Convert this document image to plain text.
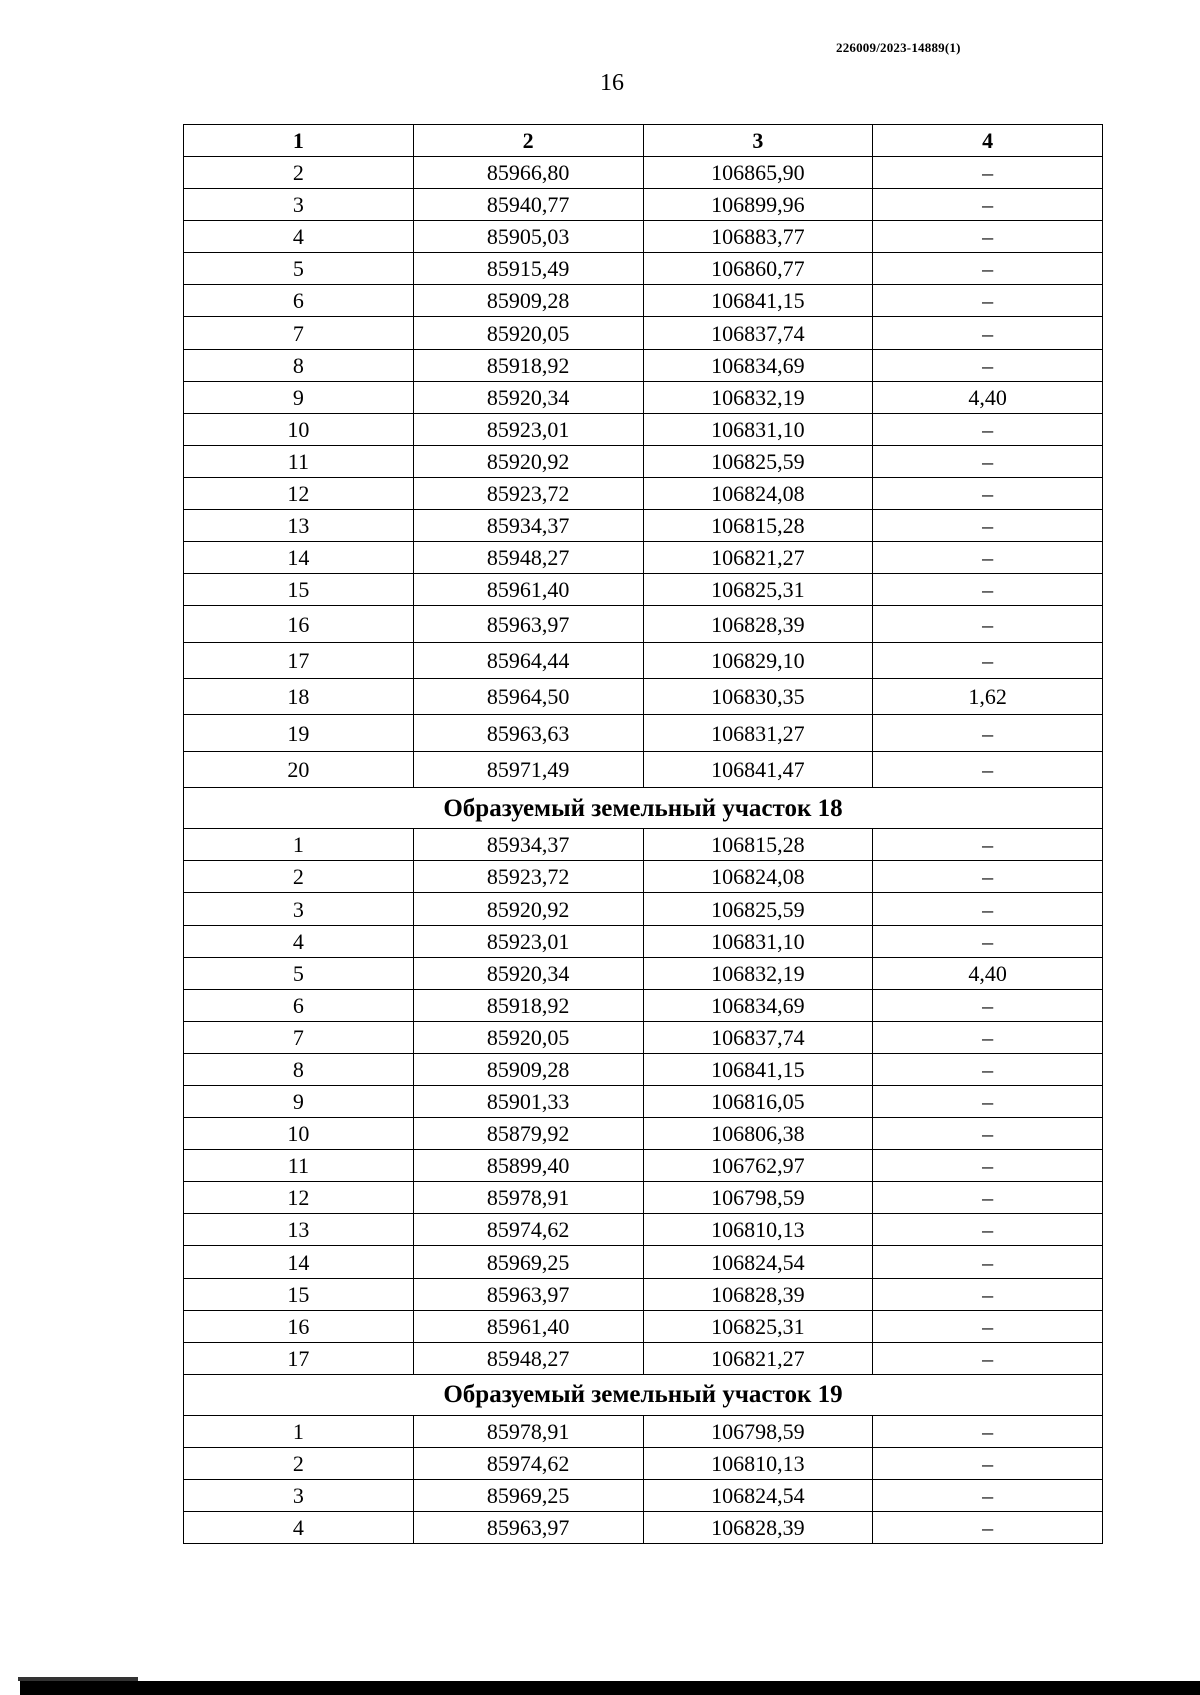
226009/2023-14889(1)
16
1	2	3	4
2	85966,80	106865,90	–
3	85940,77	106899,96	–
4	85905,03	106883,77	–
5	85915,49	106860,77	–
6	85909,28	106841,15	–
7	85920,05	106837,74	–
8	85918,92	106834,69	–
9	85920,34	106832,19	4,40
10	85923,01	106831,10	–
11	85920,92	106825,59	–
12	85923,72	106824,08	–
13	85934,37	106815,28	–
14	85948,27	106821,27	–
15	85961,40	106825,31	–
16	85963,97	106828,39	–
17	85964,44	106829,10	–
18	85964,50	106830,35	1,62
19	85963,63	106831,27	–
20	85971,49	106841,47	–
Образуемый земельный участок 18			
1	85934,37	106815,28	–
2	85923,72	106824,08	–
3	85920,92	106825,59	–
4	85923,01	106831,10	–
5	85920,34	106832,19	4,40
6	85918,92	106834,69	–
7	85920,05	106837,74	–
8	85909,28	106841,15	–
9	85901,33	106816,05	–
10	85879,92	106806,38	–
11	85899,40	106762,97	–
12	85978,91	106798,59	–
13	85974,62	106810,13	–
14	85969,25	106824,54	–
15	85963,97	106828,39	–
16	85961,40	106825,31	–
17	85948,27	106821,27	–
Образуемый земельный участок 19			
1	85978,91	106798,59	–
2	85974,62	106810,13	–
3	85969,25	106824,54	–
4	85963,97	106828,39	–
